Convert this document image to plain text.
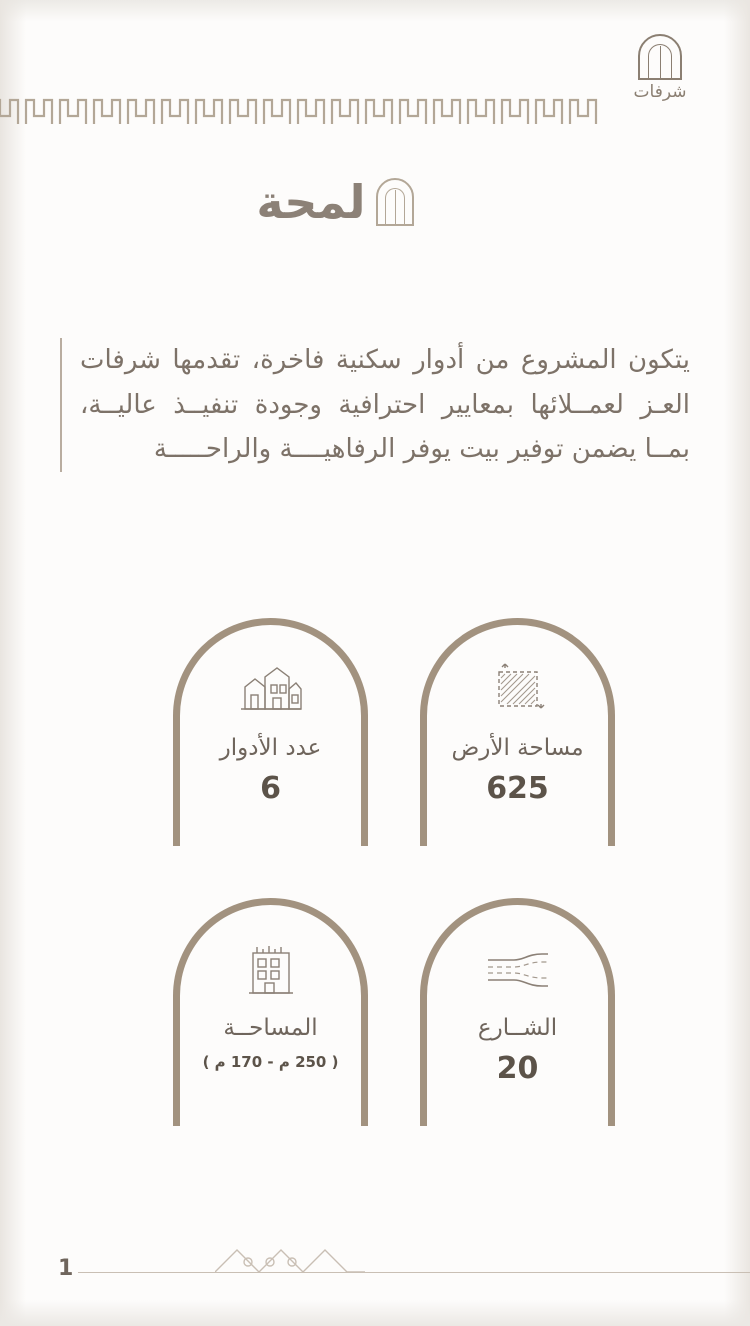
شرفات
لمحة
يتكون المشروع من أدوار سكنية فاخرة، تقدمها شرفات العـز لعمــلائها بمعايير احترافية وجودة تنفيــذ عاليــة، بمــا يضمن توفير بيت يوفر الرفاهيــــة والراحـــــة
مساحة الأرض
625
عدد الأدوار
6
الشــارع
20
المساحــة
( 250 م - 170 م )
1
